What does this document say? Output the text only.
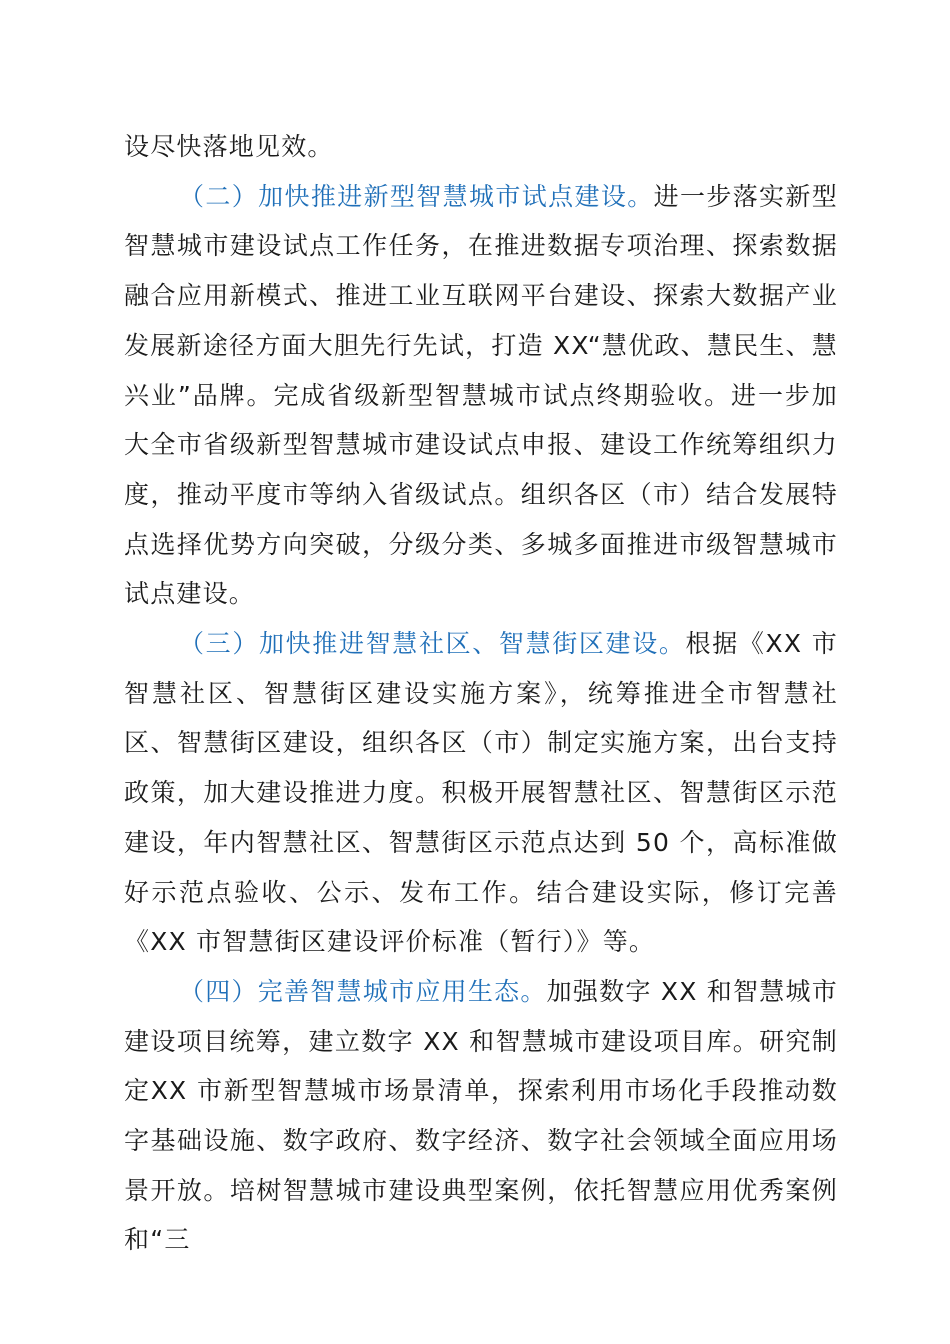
设尽快落地见效。

（二）加快推进新型智慧城市试点建设。进一步落实新型智慧城市建设试点工作任务，在推进数据专项治理、探索数据融合应用新模式、推进工业互联网平台建设、探索大数据产业发展新途径方面大胆先行先试，打造 XX“慧优政、慧民生、慧兴业”品牌。完成省级新型智慧城市试点终期验收。进一步加大全市省级新型智慧城市建设试点申报、建设工作统筹组织力度，推动平度市等纳入省级试点。组织各区（市）结合发展特点选择优势方向突破，分级分类、多城多面推进市级智慧城市试点建设。

（三）加快推进智慧社区、智慧街区建设。根据《XX 市智慧社区、智慧街区建设实施方案》，统筹推进全市智慧社区、智慧街区建设，组织各区（市）制定实施方案，出台支持政策，加大建设推进力度。积极开展智慧社区、智慧街区示范建设，年内智慧社区、智慧街区示范点达到 50 个，高标准做好示范点验收、公示、发布工作。结合建设实际，修订完善《XX 市智慧街区建设评价标准（暂行）》等。

（四）完善智慧城市应用生态。加强数字 XX 和智慧城市建设项目统筹，建立数字 XX 和智慧城市建设项目库。研究制定XX 市新型智慧城市场景清单，探索利用市场化手段推动数字基础设施、数字政府、数字经济、数字社会领域全面应用场景开放。培树智慧城市建设典型案例，依托智慧应用优秀案例和“三
